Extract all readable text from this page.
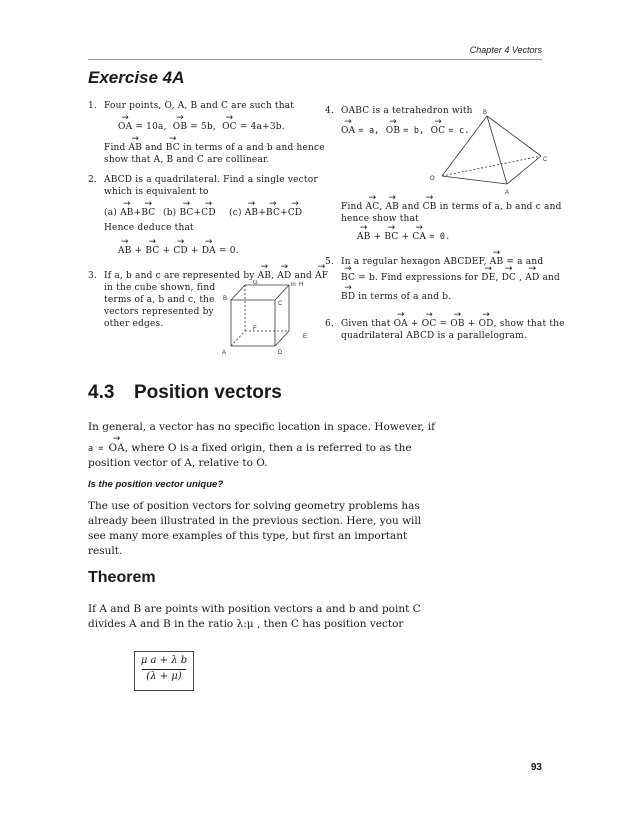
Chapter 4 Vectors
Exercise 4A
1. Four points, O, A, B and C are such that
→ OA = 10a, → OB = 5b, → OC = 4a+3b.
Find → AB and → BC in terms of a and b and hence
show that A, B and C are collinear.
2. ABCD is a quadrilateral. Find a single vector
which is equivalent to
(a) → AB+→ BC (b) → BC+→ CD (c) → AB+→ BC+→ CD
Hence deduce that
→ AB + → BC + → CD + → DA = 0.
3. If a, b and c are represented by → AB, → AD and → AF
in the cube shown, find
terms of a, b and c, the
vectors represented by
other edges.
G	in H
B
C
F
E
A	D
4. OABC is a tetrahedron with
→ OA = a, → OB = b, → OC = c.
B
C
O
A
Find → AC, → AB and → CB in terms of a, b and c and
hence show that
→ AB + → BC + → CA = 0.
5. In a regular hexagon ABCDEF, → AB = a and
→ BC = b. Find expressions for → DE, → DC , → AD and
→ BD in terms of a and b.
6. Given that → OA + → OC = → OB + → OD, show that the
quadrilateral ABCD is a parallelogram.
4.3 Position vectors
In general, a vector has no specific location in space. However, if
a = → OA, where O is a fixed origin, then a is referred to as the
position vector of A, relative to O.
Is the position vector unique?
The use of position vectors for solving geometry problems has
already been illustrated in the previous section. Here, you will
see many more examples of this type, but first an important
result.
Theorem
If A and B are points with position vectors a and b and point C
divides A and B in the ratio λ:μ , then C has position vector
μ a + λ b
(λ + μ)
93
